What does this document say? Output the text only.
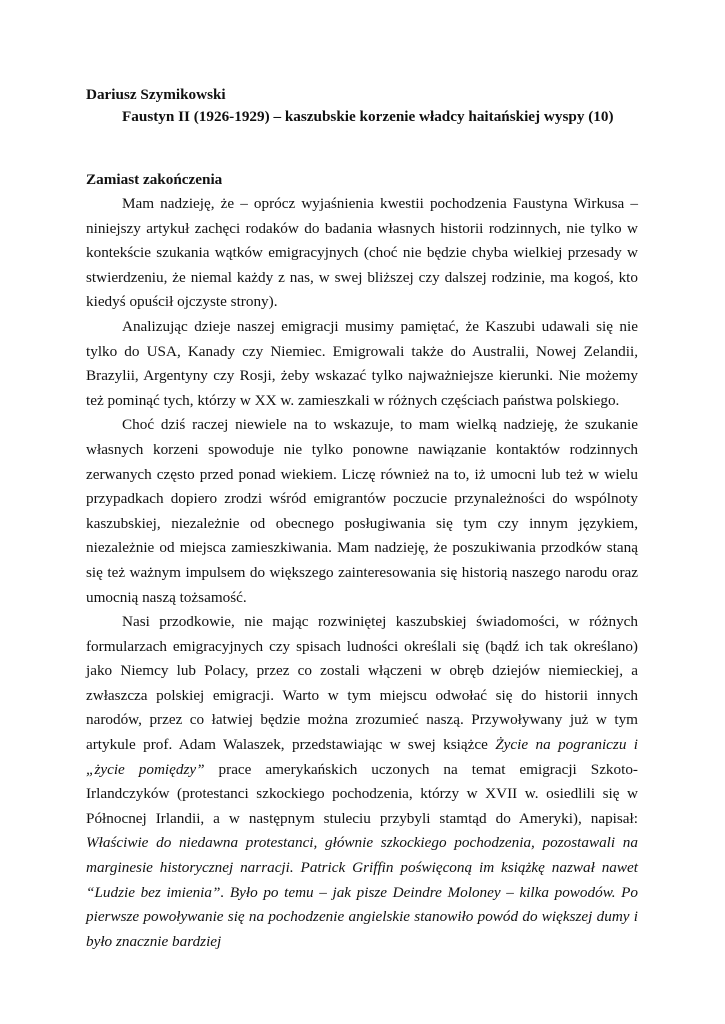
Dariusz Szymikowski

Faustyn II (1926-1929) – kaszubskie korzenie władcy haitańskiej wyspy (10)

Zamiast zakończenia

Mam nadzieję, że – oprócz wyjaśnienia kwestii pochodzenia Faustyna Wirkusa – niniejszy artykuł zachęci rodaków do badania własnych historii rodzinnych, nie tylko w kontekście szukania wątków emigracyjnych (choć nie będzie chyba wielkiej przesady w stwierdzeniu, że niemal każdy z nas, w swej bliższej czy dalszej rodzinie, ma kogoś, kto kiedyś opuścił ojczyste strony).

Analizując dzieje naszej emigracji musimy pamiętać, że Kaszubi udawali się nie tylko do USA, Kanady czy Niemiec. Emigrowali także do Australii, Nowej Zelandii, Brazylii, Argentyny czy Rosji, żeby wskazać tylko najważniejsze kierunki. Nie możemy też pominąć tych, którzy w XX w. zamieszkali w różnych częściach państwa polskiego.

Choć dziś raczej niewiele na to wskazuje, to mam wielką nadzieję, że szukanie własnych korzeni spowoduje nie tylko ponowne nawiązanie kontaktów rodzinnych zerwanych często przed ponad wiekiem. Liczę również na to, iż umocni lub też w wielu przypadkach dopiero zrodzi wśród emigrantów poczucie przynależności do wspólnoty kaszubskiej, niezależnie od obecnego posługiwania się tym czy innym językiem, niezależnie od miejsca zamieszkiwania. Mam nadzieję, że poszukiwania przodków staną się też ważnym impulsem do większego zainteresowania się historią naszego narodu oraz umocnią naszą tożsamość.

Nasi przodkowie, nie mając rozwiniętej kaszubskiej świadomości, w różnych formularzach emigracyjnych czy spisach ludności określali się (bądź ich tak określano) jako Niemcy lub Polacy, przez co zostali włączeni w obręb dziejów niemieckiej, a zwłaszcza polskiej emigracji. Warto w tym miejscu odwołać się do historii innych narodów, przez co łatwiej będzie można zrozumieć naszą. Przywoływany już w tym artykule prof. Adam Walaszek, przedstawiając w swej książce Życie na pograniczu i „życie pomiędzy” prace amerykańskich uczonych na temat emigracji Szkoto-Irlandczyków (protestanci szkockiego pochodzenia, którzy w XVII w. osiedlili się w Północnej Irlandii, a w następnym stuleciu przybyli stamtąd do Ameryki), napisał: Właściwie do niedawna protestanci, głównie szkockiego pochodzenia, pozostawali na marginesie historycznej narracji. Patrick Griffin poświęconą im książkę nazwał nawet “Ludzie bez imienia”. Było po temu – jak pisze Deindre Moloney – kilka powodów. Po pierwsze powoływanie się na pochodzenie angielskie stanowiło powód do większej dumy i było znacznie bardziej
